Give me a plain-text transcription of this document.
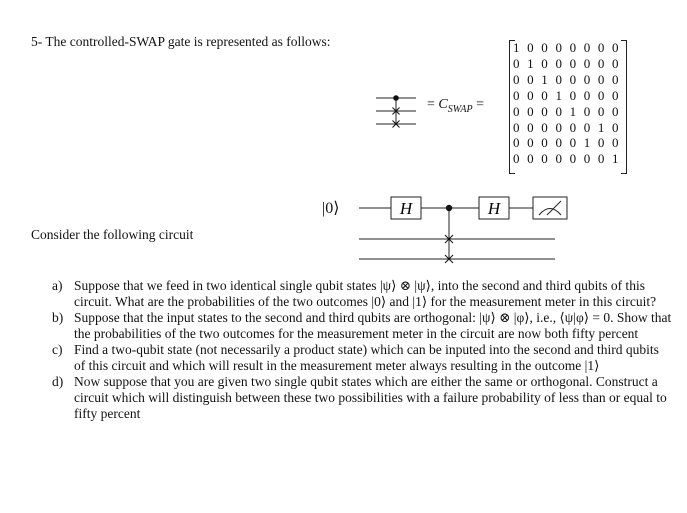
5- The controlled-SWAP gate is represented as follows:
= $C_{SWAP}$ =
1 0 0 0 0 0 0 0
0 1 0 0 0 0 0 0
0 0 1 0 0 0 0 0
0 0 0 1 0 0 0 0
0 0 0 0 1 0 0 0
0 0 0 0 0 0 1 0
0 0 0 0 0 1 0 0
0 0 0 0 0 0 0 1
|0⟩	H	H
Consider the following circuit
a) Suppose that we feed in two identical single qubit states |ψ⟩ ⊗ |ψ⟩, into the second and third qubits of this circuit. What are the probabilities of the two outcomes |0⟩ and |1⟩ for the measurement meter in this circuit?
b) Suppose that the input states to the second and third qubits are orthogonal: |ψ⟩ ⊗ |φ⟩, i.e., ⟨ψ|φ⟩ = 0. Show that the probabilities of the two outcomes for the measurement meter in the circuit are now both fifty percent
c) Find a two-qubit state (not necessarily a product state) which can be inputed into the second and third qubits of this circuit and which will result in the measurement meter always resulting in the outcome |1⟩
d) Now suppose that you are given two single qubit states which are either the same or orthogonal. Construct a circuit which will distinguish between these two possibilities with a failure probability of less than or equal to fifty percent
